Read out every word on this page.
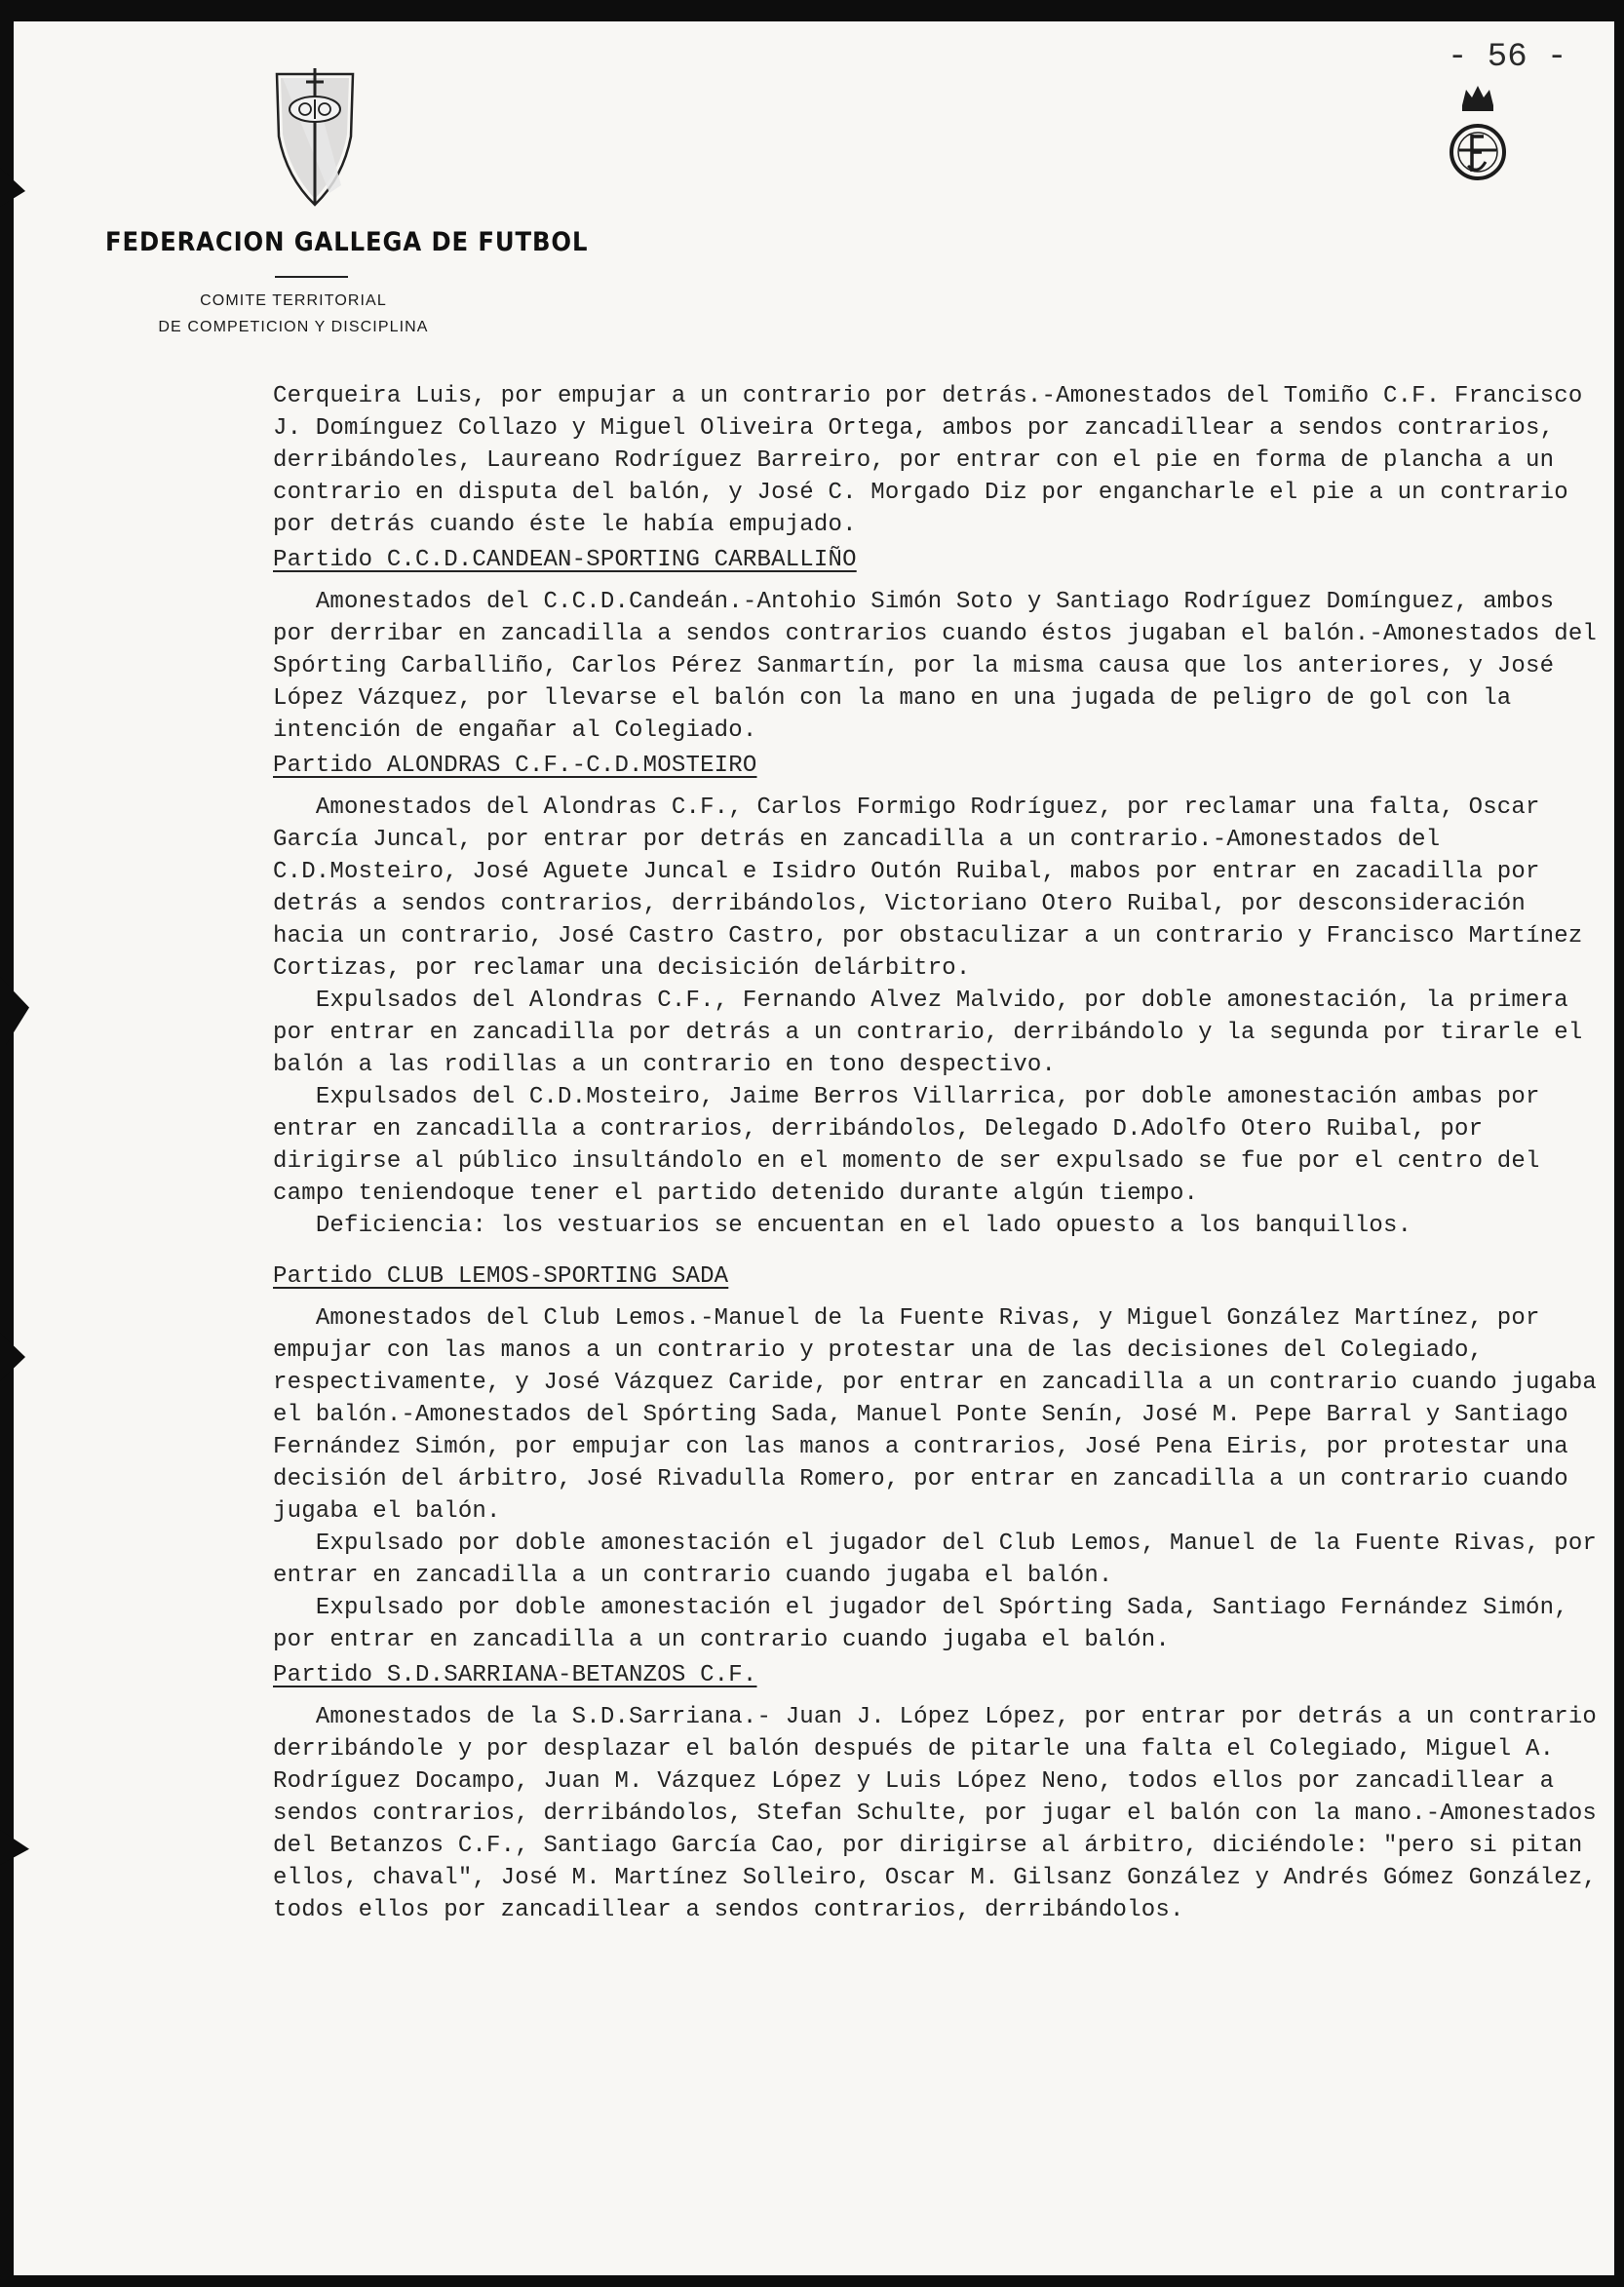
- 56 -
FEDERACION GALLEGA DE FUTBOL
COMITE TERRITORIAL
DE COMPETICION Y DISCIPLINA

Cerqueira Luis, por empujar a un contrario por detrás.-Amonestados del Tomiño C.F. Francisco J. Domínguez Collazo y Miguel Oliveira Ortega, ambos por zancadillear a sendos contrarios, derribándoles, Laureano Rodríguez Barreiro, por entrar con el pie en forma de plancha a un contrario en disputa del balón, y José C. Morgado Diz por engancharle el pie a un contrario por detrás cuando éste le había empujado.

Partido C.C.D.CANDEAN-SPORTING CARBALLIÑO

Amonestados del C.C.D.Candeán.-Antohio Simón Soto y Santiago Rodríguez Domínguez, ambos por derribar en zancadilla a sendos contrarios cuando éstos jugaban el balón.-Amonestados del Spórting Carballiño, Carlos Pérez Sanmartín, por la misma causa que los anteriores, y José López Vázquez, por llevarse el balón con la mano en una jugada de peligro de gol con la intención de engañar al Colegiado.

Partido ALONDRAS C.F.-C.D.MOSTEIRO

Amonestados del Alondras C.F., Carlos Formigo Rodríguez, por reclamar una falta, Oscar García Juncal, por entrar por detrás en zancadilla a un contrario.-Amonestados del C.D.Mosteiro, José Aguete Juncal e Isidro Outón Ruibal, mabos por entrar en zacadilla por detrás a sendos contrarios, derribándolos, Victoriano Otero Ruibal, por desconsideración hacia un contrario, José Castro Castro, por obstaculizar a un contrario y Francisco Martínez Cortizas, por reclamar una decisición delárbitro.

Expulsados del Alondras C.F., Fernando Alvez Malvido, por doble amonestación, la primera por entrar en zancadilla por detrás a un contrario, derribándolo y la segunda por tirarle el balón a las rodillas a un contrario en tono despectivo.

Expulsados del C.D.Mosteiro, Jaime Berros Villarrica, por doble amonestación ambas por entrar en zancadilla a contrarios, derribándolos, Delegado D.Adolfo Otero Ruibal, por dirigirse al público insultándolo en el momento de ser expulsado se fue por el centro del campo teniendoque tener el partido detenido durante algún tiempo.

Deficiencia: los vestuarios se encuentan en el lado opuesto a los banquillos.

Partido CLUB LEMOS-SPORTING SADA

Amonestados del Club Lemos.-Manuel de la Fuente Rivas, y Miguel González Martínez, por empujar con las manos a un contrario y protestar una de las decisiones del Colegiado, respectivamente, y José Vázquez Caride, por entrar en zancadilla a un contrario cuando jugaba el balón.-Amonestados del Spórting Sada, Manuel Ponte Senín, José M. Pepe Barral y Santiago Fernández Simón, por empujar con las manos a contrarios, José Pena Eiris, por protestar una decisión del árbitro, José Rivadulla Romero, por entrar en zancadilla a un contrario cuando jugaba el balón.

Expulsado por doble amonestación el jugador del Club Lemos, Manuel de la Fuente Rivas, por entrar en zancadilla a un contrario cuando jugaba el balón.

Expulsado por doble amonestación el jugador del Spórting Sada, Santiago Fernández Simón, por entrar en zancadilla a un contrario cuando jugaba el balón.

Partido S.D.SARRIANA-BETANZOS C.F.

Amonestados de la S.D.Sarriana.- Juan J. López López, por entrar por detrás a un contrario derribándole y por desplazar el balón después de pitarle una falta el Colegiado, Miguel A. Rodríguez Docampo, Juan M. Vázquez López y Luis López Neno, todos ellos por zancadillear a sendos contrarios, derribándolos, Stefan Schulte, por jugar el balón con la mano.-Amonestados del Betanzos C.F., Santiago García Cao, por dirigirse al árbitro, diciéndole: "pero si pitan ellos, chaval", José M. Martínez Solleiro, Oscar M. Gilsanz González y Andrés Gómez González, todos ellos por zancadillear a sendos contrarios, derribándolos.
